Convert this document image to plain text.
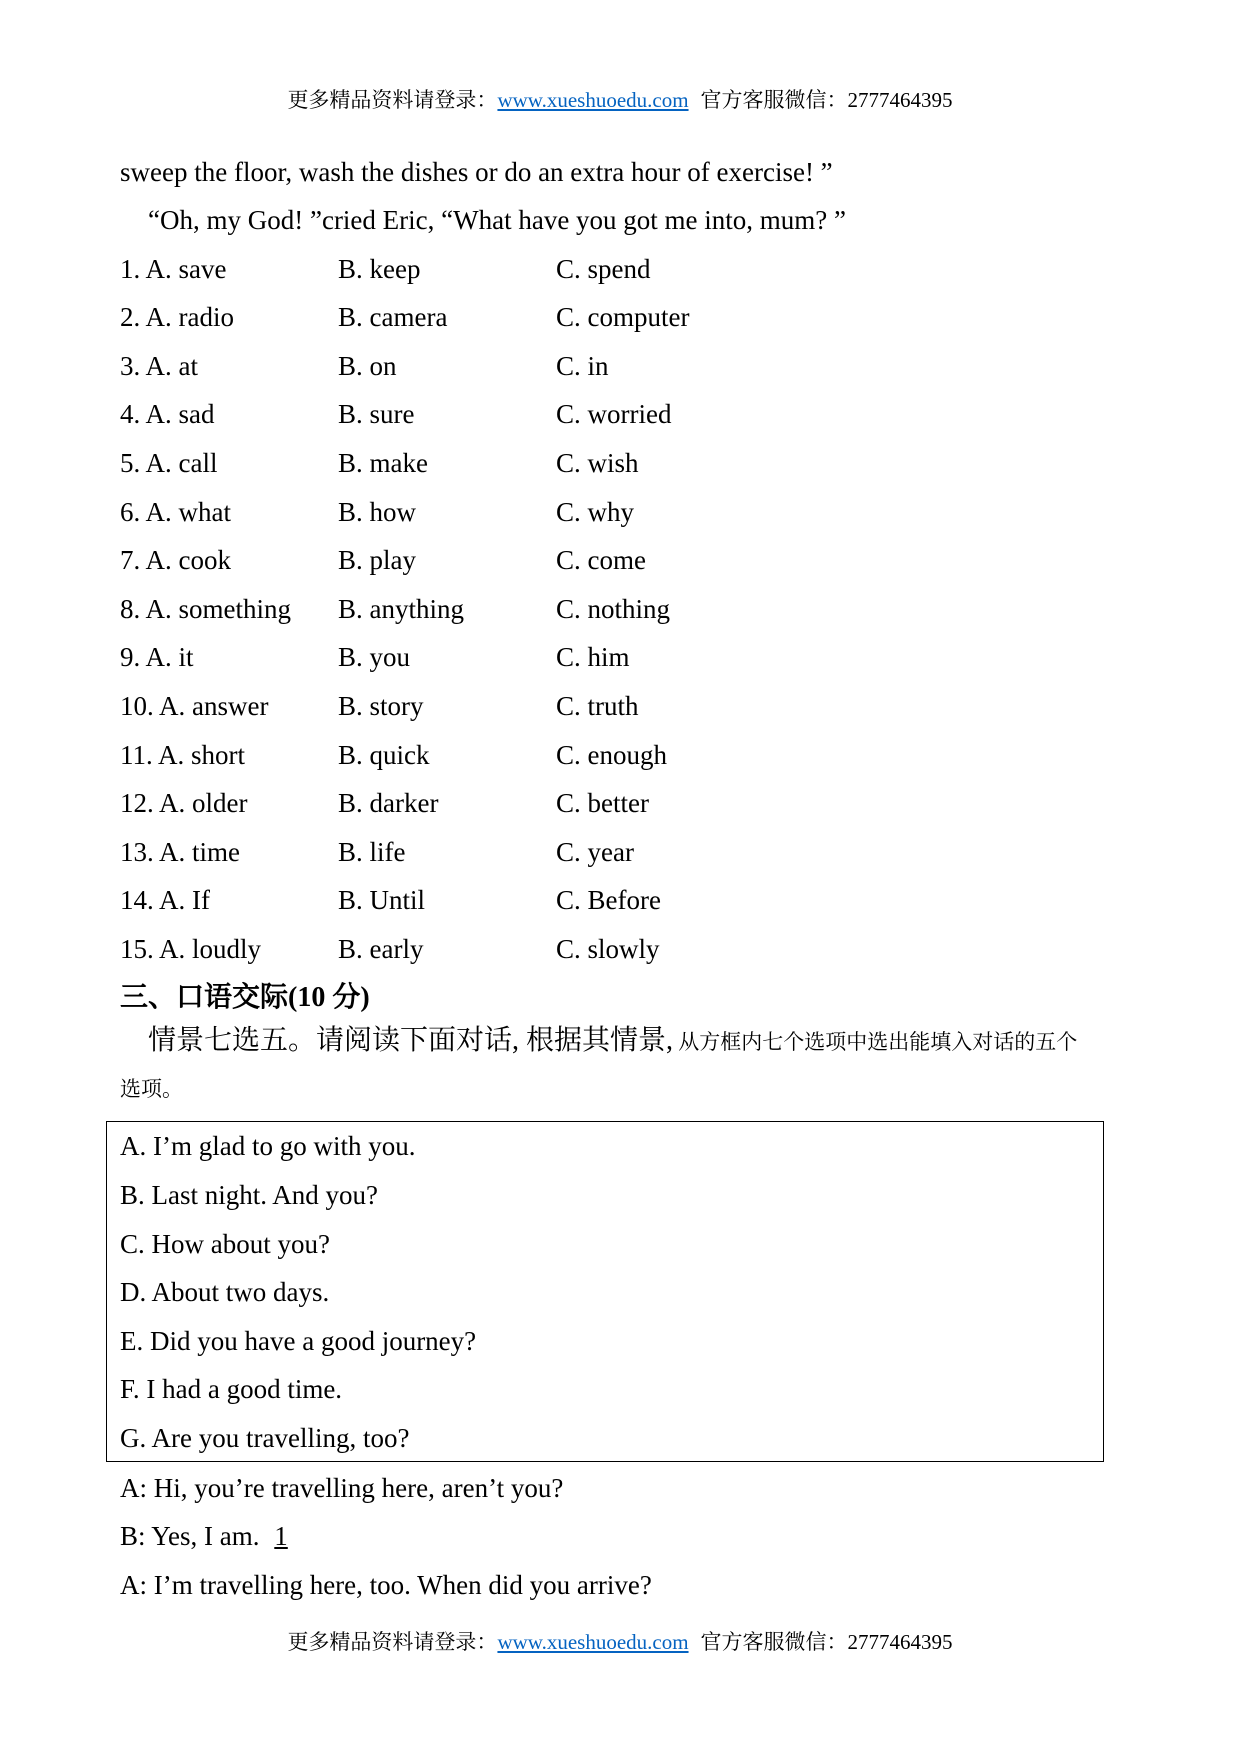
更多精品资料请登录：www.xueshuoedu.com 官方客服微信：2777464395
sweep the floor, wash the dishes or do an extra hour of exercise! ”
“Oh, my God! ”cried Eric, “What have you got me into, mum? ”
1. A. save	B. keep	C. spend
2. A. radio	B. camera	C. computer
3. A. at	B. on	C. in
4. A. sad	B. sure	C. worried
5. A. call	B. make	C. wish
6. A. what	B. how	C. why
7. A. cook	B. play	C. come
8. A. something B. anything	C. nothing
9. A. it	B. you	C. him
10. A. answer	B. story	C. truth
11. A. short	B. quick	C. enough
12. A. older	B. darker	C. better
13. A. time	B. life	C. year
14. A. If	B. Until	C. Before
15. A. loudly	B. early	C. slowly
三、口语交际(10 分)
情景七选五。请阅读下面对话, 根据其情景, 从方框内七个选项中选出能填入对话的五个
选项。
A. I’m glad to go with you.
B. Last night. And you?
C. How about you?
D. About two days.
E. Did you have a good journey?
F. I had a good time.
G. Are you travelling, too?
A: Hi, you’re travelling here, aren’t you?
B: Yes, I am. 1
A: I’m travelling here, too. When did you arrive?
更多精品资料请登录：www.xueshuoedu.com 官方客服微信：2777464395
